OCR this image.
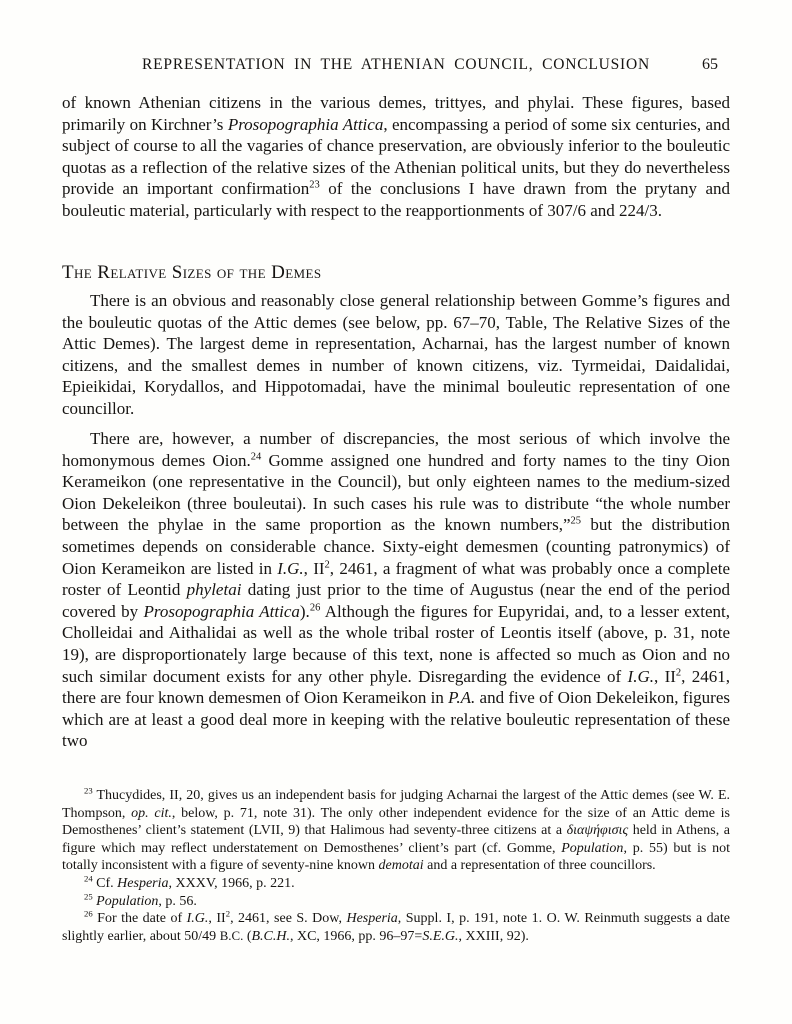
REPRESENTATION IN THE ATHENIAN COUNCIL, CONCLUSION	65
of known Athenian citizens in the various demes, trittyes, and phylai. These figures, based primarily on Kirchner’s Prosopographia Attica, encompassing a period of some six centuries, and subject of course to all the vagaries of chance preservation, are obviously inferior to the bouleutic quotas as a reflection of the relative sizes of the Athenian political units, but they do nevertheless provide an important confirmation$^{23}$ of the conclusions I have drawn from the prytany and bouleutic material, particularly with respect to the reapportionments of 307/6 and 224/3.
The Relative Sizes of the Demes
There is an obvious and reasonably close general relationship between Gomme’s figures and the bouleutic quotas of the Attic demes (see below, pp. 67–70, Table, The Relative Sizes of the Attic Demes). The largest deme in representation, Acharnai, has the largest number of known citizens, and the smallest demes in number of known citizens, viz. Tyrmeidai, Daidalidai, Epieikidai, Korydallos, and Hippotomadai, have the minimal bouleutic representation of one councillor.
There are, however, a number of discrepancies, the most serious of which involve the homonymous demes Oion.$^{24}$ Gomme assigned one hundred and forty names to the tiny Oion Kerameikon (one representative in the Council), but only eighteen names to the medium-sized Oion Dekeleikon (three bouleutai). In such cases his rule was to distribute “the whole number between the phylae in the same proportion as the known numbers,”$^{25}$ but the distribution sometimes depends on considerable chance. Sixty-eight demesmen (counting patronymics) of Oion Kerameikon are listed in I.G., $II^2$, 2461, a fragment of what was probably once a complete roster of Leontid phyletai dating just prior to the time of Augustus (near the end of the period covered by Prosopographia Attica).$^{26}$ Although the figures for Eupyridai, and, to a lesser extent, Cholleidai and Aithalidai as well as the whole tribal roster of Leontis itself (above, p. 31, note 19), are disproportionately large because of this text, none is affected so much as Oion and no such similar document exists for any other phyle. Disregarding the evidence of I.G., $II^2$, 2461, there are four known demesmen of Oion Kerameikon in P.A. and five of Oion Dekeleikon, figures which are at least a good deal more in keeping with the relative bouleutic representation of these two
$^{23}$ Thucydides, II, 20, gives us an independent basis for judging Acharnai the largest of the Attic demes (see W. E. Thompson, op. cit., below, p. 71, note 31). The only other independent evidence for the size of an Attic deme is Demosthenes’ client’s statement (LVII, 9) that Halimous had seventy-three citizens at a διαψήφισις held in Athens, a figure which may reflect understatement on Demosthenes’ client’s part (cf. Gomme, Population, p. 55) but is not totally inconsistent with a figure of seventy-nine known demotai and a representation of three councillors.
$^{24}$ Cf. Hesperia, XXXV, 1966, p. 221.
$^{25}$ Population, p. 56.
$^{26}$ For the date of I.G., $II^2$, 2461, see S. Dow, Hesperia, Suppl. I, p. 191, note 1. O. W. Reinmuth suggests a date slightly earlier, about 50/49 B.C. (B.C.H., XC, 1966, pp. 96–97=S.E.G., XXIII, 92).
